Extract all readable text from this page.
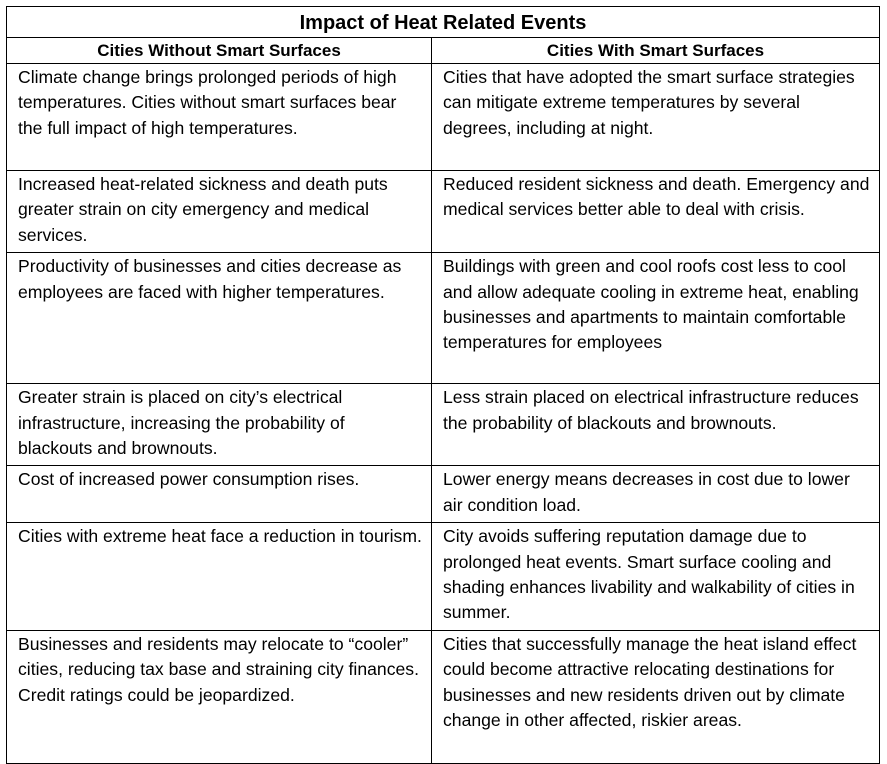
Impact of Heat Related Events	
Cities Without Smart Surfaces	Cities With Smart Surfaces
Climate change brings prolonged periods of high temperatures. Cities without smart surfaces bear the full impact of high temperatures.	Cities that have adopted the smart surface strategies can mitigate extreme temperatures by several degrees, including at night.
Increased heat-related sickness and death puts greater strain on city emergency and medical services.	Reduced resident sickness and death. Emergency and medical services better able to deal with crisis.
Productivity of businesses and cities decrease as employees are faced with higher temperatures.	Buildings with green and cool roofs cost less to cool and allow adequate cooling in extreme heat, enabling businesses and apartments to maintain comfortable temperatures for employees
Greater strain is placed on city’s electrical infrastructure, increasing the probability of blackouts and brownouts.	Less strain placed on electrical infrastructure reduces the probability of blackouts and brownouts.
Cost of increased power consumption rises.	Lower energy means decreases in cost due to lower air condition load.
Cities with extreme heat face a reduction in tourism.	City avoids suffering reputation damage due to prolonged heat events. Smart surface cooling and shading enhances livability and walkability of cities in summer.
Businesses and residents may relocate to “cooler” cities, reducing tax base and straining city finances. Credit ratings could be jeopardized.	Cities that successfully manage the heat island effect could become attractive relocating destinations for businesses and new residents driven out by climate change in other affected, riskier areas.
